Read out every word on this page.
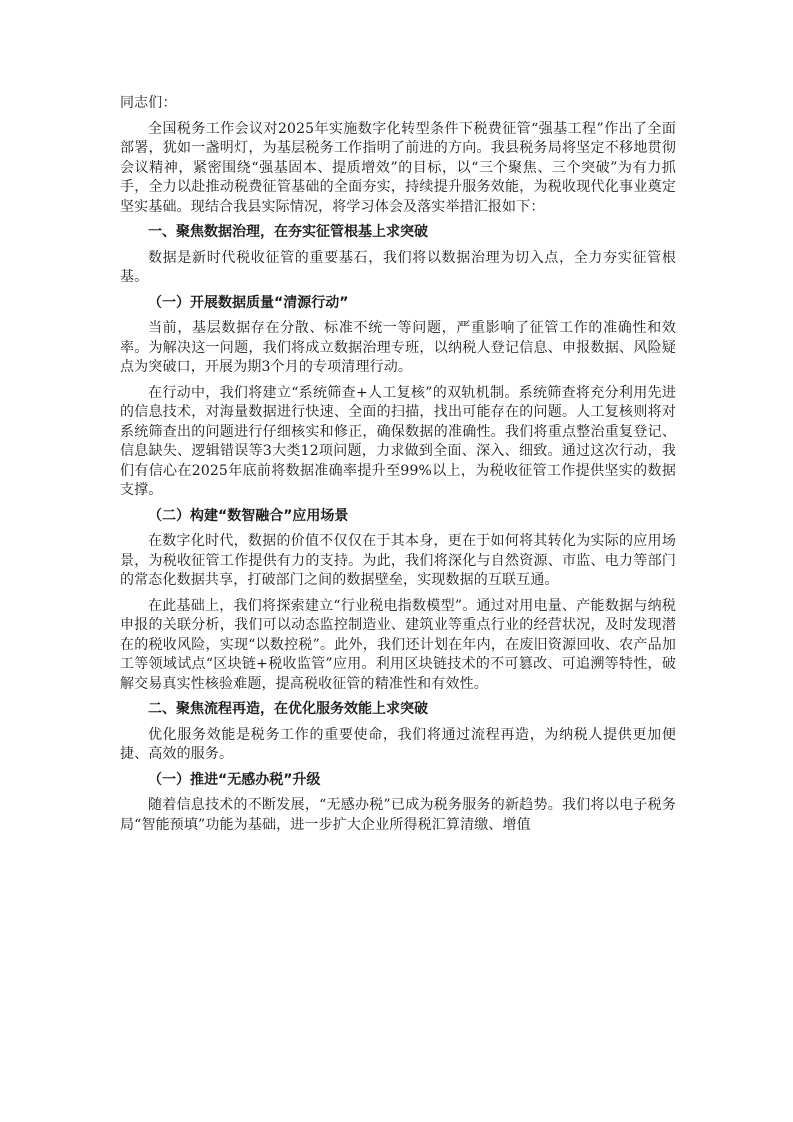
同志们：

全国税务工作会议对2025年实施数字化转型条件下税费征管“强基工程”作出了全面部署，犹如一盏明灯，为基层税务工作指明了前进的方向。我县税务局将坚定不移地贯彻会议精神，紧密围绕“强基固本、提质增效”的目标，以“三个聚焦、三个突破”为有力抓手，全力以赴推动税费征管基础的全面夯实，持续提升服务效能，为税收现代化事业奠定坚实基础。现结合我县实际情况，将学习体会及落实举措汇报如下：

一、聚焦数据治理，在夯实征管根基上求突破

数据是新时代税收征管的重要基石，我们将以数据治理为切入点，全力夯实征管根基。

（一）开展数据质量“清源行动”

当前，基层数据存在分散、标准不统一等问题，严重影响了征管工作的准确性和效率。为解决这一问题，我们将成立数据治理专班，以纳税人登记信息、申报数据、风险疑点为突破口，开展为期3个月的专项清理行动。

在行动中，我们将建立“系统筛查+人工复核”的双轨机制。系统筛查将充分利用先进的信息技术，对海量数据进行快速、全面的扫描，找出可能存在的问题。人工复核则将对系统筛查出的问题进行仔细核实和修正，确保数据的准确性。我们将重点整治重复登记、信息缺失、逻辑错误等3大类12项问题，力求做到全面、深入、细致。通过这次行动，我们有信心在2025年底前将数据准确率提升至99%以上，为税收征管工作提供坚实的数据支撑。

（二）构建“数智融合”应用场景

在数字化时代，数据的价值不仅仅在于其本身，更在于如何将其转化为实际的应用场景，为税收征管工作提供有力的支持。为此，我们将深化与自然资源、市监、电力等部门的常态化数据共享，打破部门之间的数据壁垒，实现数据的互联互通。

在此基础上，我们将探索建立“行业税电指数模型”。通过对用电量、产能数据与纳税申报的关联分析，我们可以动态监控制造业、建筑业等重点行业的经营状况，及时发现潜在的税收风险，实现“以数控税”。此外，我们还计划在年内，在废旧资源回收、农产品加工等领域试点“区块链+税收监管”应用。利用区块链技术的不可篡改、可追溯等特性，破解交易真实性核验难题，提高税收征管的精准性和有效性。

二、聚焦流程再造，在优化服务效能上求突破

优化服务效能是税务工作的重要使命，我们将通过流程再造，为纳税人提供更加便捷、高效的服务。

（一）推进“无感办税”升级

随着信息技术的不断发展，“无感办税”已成为税务服务的新趋势。我们将以电子税务局“智能预填”功能为基础，进一步扩大企业所得税汇算清缴、增值
